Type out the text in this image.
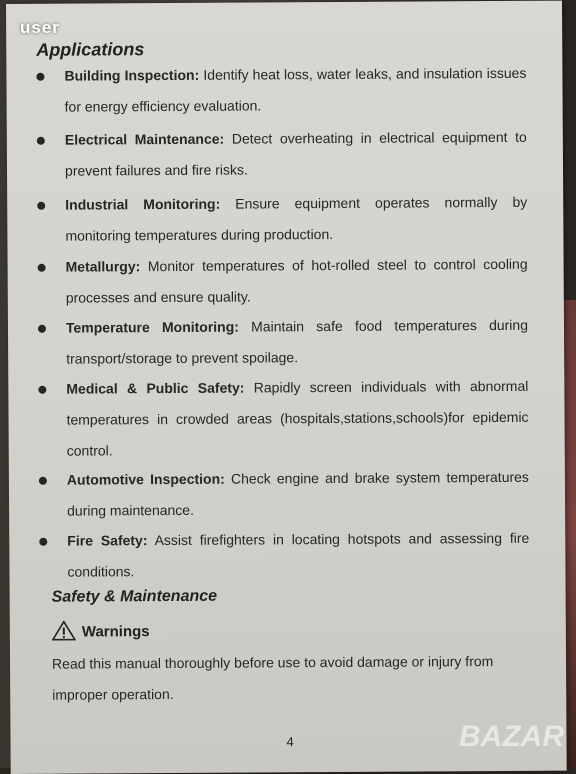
Applications
Building Inspection: Identify heat loss, water leaks, and insulation issues for energy efficiency evaluation.
Electrical Maintenance: Detect overheating in electrical equipment to prevent failures and fire risks.
Industrial Monitoring: Ensure equipment operates normally by monitoring temperatures during production.
Metallurgy: Monitor temperatures of hot-rolled steel to control cooling processes and ensure quality.
Temperature Monitoring: Maintain safe food temperatures during transport/storage to prevent spoilage.
Medical & Public Safety: Rapidly screen individuals with abnormal temperatures in crowded areas (hospitals,stations,schools)for epidemic control.
Automotive Inspection: Check engine and brake system temperatures during maintenance.
Fire Safety: Assist firefighters in locating hotspots and assessing fire conditions.
Safety & Maintenance
Warnings
Read this manual thoroughly before use to avoid damage or injury from improper operation.
4
user
BAZAR
